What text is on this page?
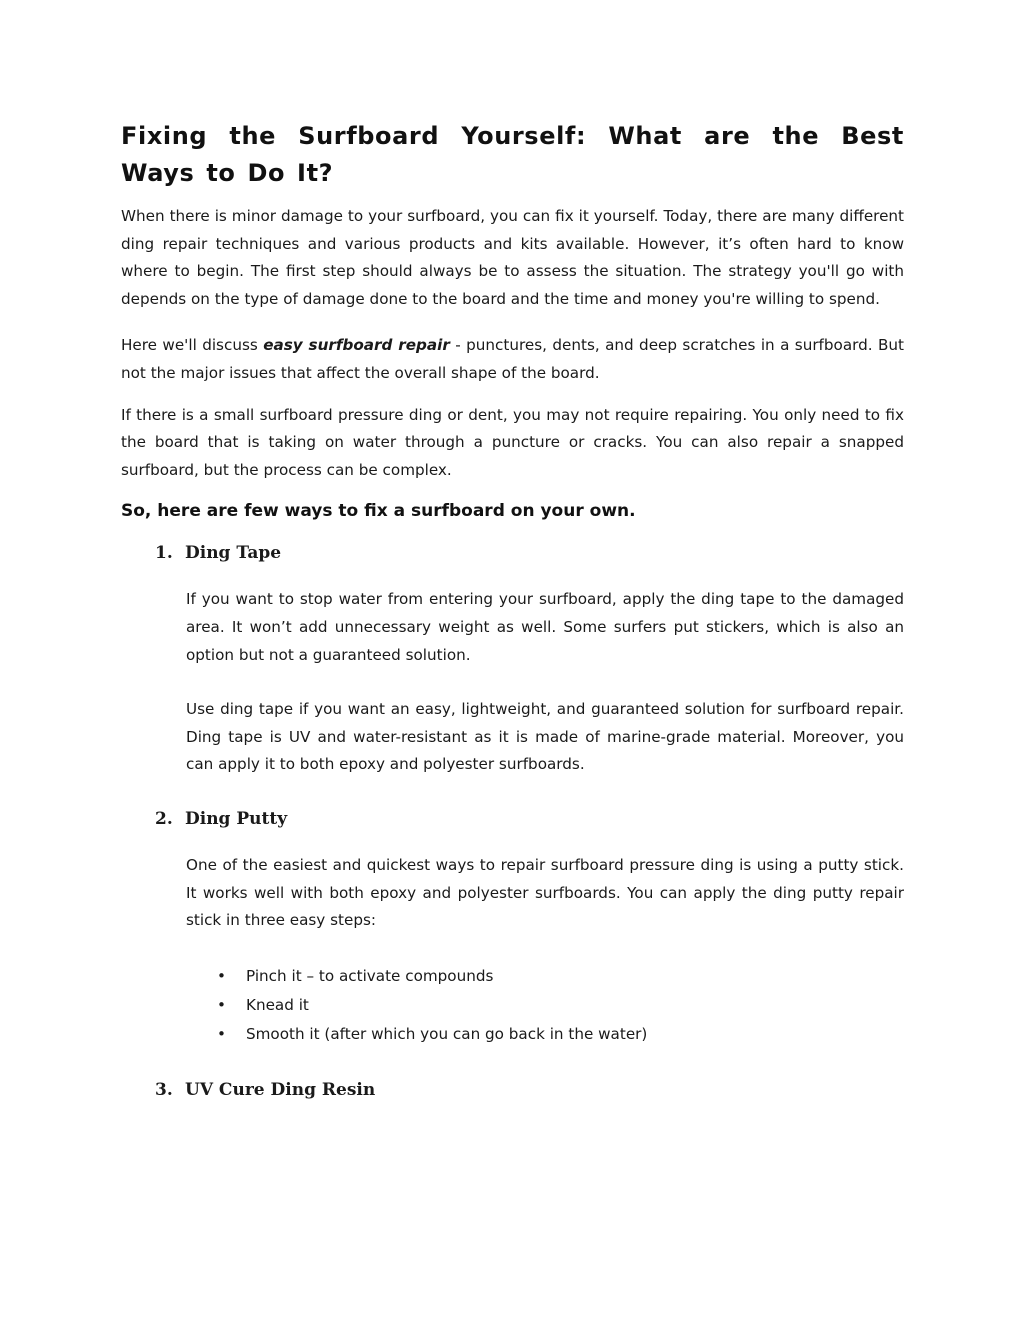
Fixing the Surfboard Yourself: What are the Best Ways to Do It?

When there is minor damage to your surfboard, you can fix it yourself. Today, there are many different ding repair techniques and various products and kits available. However, it’s often hard to know where to begin. The first step should always be to assess the situation. The strategy you'll go with depends on the type of damage done to the board and the time and money you're willing to spend.

Here we'll discuss easy surfboard repair - punctures, dents, and deep scratches in a surfboard. But not the major issues that affect the overall shape of the board.

If there is a small surfboard pressure ding or dent, you may not require repairing. You only need to fix the board that is taking on water through a puncture or cracks. You can also repair a snapped surfboard, but the process can be complex.

So, here are few ways to fix a surfboard on your own.
1. Ding Tape

If you want to stop water from entering your surfboard, apply the ding tape to the damaged area. It won’t add unnecessary weight as well. Some surfers put stickers, which is also an option but not a guaranteed solution.

Use ding tape if you want an easy, lightweight, and guaranteed solution for surfboard repair. Ding tape is UV and water-resistant as it is made of marine-grade material. Moreover, you can apply it to both epoxy and polyester surfboards.

2. Ding Putty

One of the easiest and quickest ways to repair surfboard pressure ding is using a putty stick. It works well with both epoxy and polyester surfboards. You can apply the ding putty repair stick in three easy steps:

• Pinch it – to activate compounds
• Knead it
• Smooth it (after which you can go back in the water)
3. UV Cure Ding Resin
